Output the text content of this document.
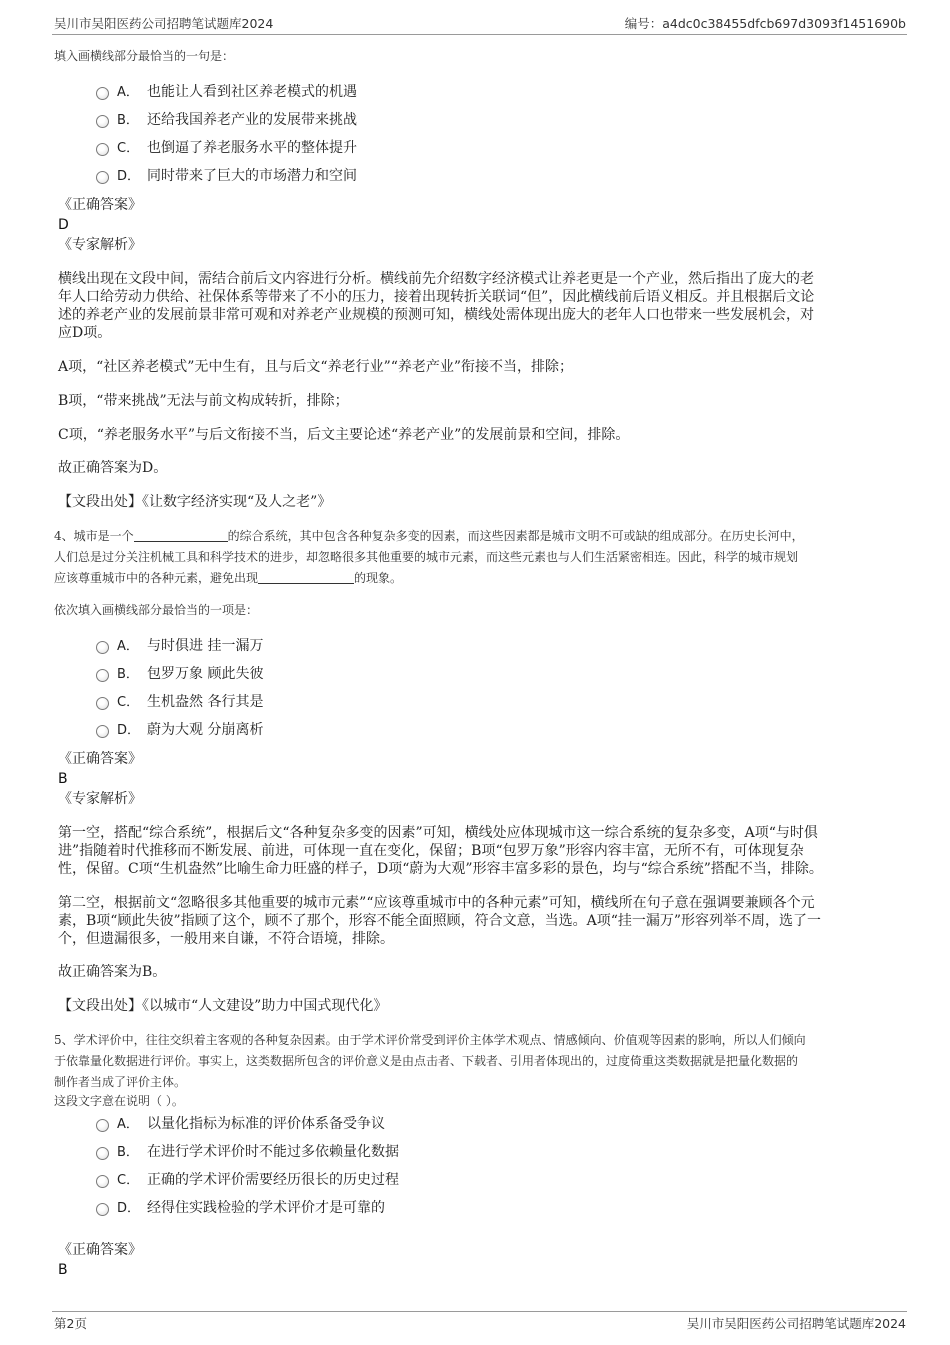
吴川市吴阳医药公司招聘笔试题库2024	编号：a4dc0c38455dfcb697d3093f1451690b
填入画横线部分最恰当的一句是：
A． 也能让人看到社区养老模式的机遇
B． 还给我国养老产业的发展带来挑战
C． 也倒逼了养老服务水平的整体提升
D． 同时带来了巨大的市场潜力和空间
《正确答案》
D
《专家解析》
横线出现在文段中间，需结合前后文内容进行分析。横线前先介绍数字经济模式让养老更是一个产业，然后指出了庞大的老
年人口给劳动力供给、社保体系等带来了不小的压力，接着出现转折关联词“但”，因此横线前后语义相反。并且根据后文论
述的养老产业的发展前景非常可观和对养老产业规模的预测可知，横线处需体现出庞大的老年人口也带来一些发展机会，对
应D项。
A项，“社区养老模式”无中生有，且与后文“养老行业”“养老产业”衔接不当，排除；
B项，“带来挑战”无法与前文构成转折，排除；
C项，“养老服务水平”与后文衔接不当，后文主要论述“养老产业”的发展前景和空间，排除。
故正确答案为D。
【文段出处】《让数字经济实现“及人之老”》
4、城市是一个	的综合系统，其中包含各种复杂多变的因素，而这些因素都是城市文明不可或缺的组成部分。在历史长河中，
人们总是过分关注机械工具和科学技术的进步，却忽略很多其他重要的城市元素，而这些元素也与人们生活紧密相连。因此，科学的城市规划
应该尊重城市中的各种元素，避免出现	的现象。
依次填入画横线部分最恰当的一项是：
A． 与时俱进 挂一漏万
B． 包罗万象 顾此失彼
C． 生机盎然 各行其是
D． 蔚为大观 分崩离析
《正确答案》
B
《专家解析》
第一空，搭配“综合系统”，根据后文“各种复杂多变的因素”可知，横线处应体现城市这一综合系统的复杂多变，A项“与时俱
进”指随着时代推移而不断发展、前进，可体现一直在变化，保留；B项“包罗万象”形容内容丰富，无所不有，可体现复杂
性，保留。C项“生机盎然”比喻生命力旺盛的样子，D项“蔚为大观”形容丰富多彩的景色，均与“综合系统”搭配不当，排除。
第二空，根据前文“忽略很多其他重要的城市元素”“应该尊重城市中的各种元素”可知，横线所在句子意在强调要兼顾各个元
素，B项“顾此失彼”指顾了这个，顾不了那个，形容不能全面照顾，符合文意，当选。A项“挂一漏万”形容列举不周，选了一
个，但遗漏很多，一般用来自谦，不符合语境，排除。
故正确答案为B。
【文段出处】《以城市“人文建设”助力中国式现代化》
5、学术评价中，往往交织着主客观的各种复杂因素。由于学术评价常受到评价主体学术观点、情感倾向、价值观等因素的影响，所以人们倾向
于依靠量化数据进行评价。事实上，这类数据所包含的评价意义是由点击者、下载者、引用者体现出的，过度倚重这类数据就是把量化数据的
制作者当成了评价主体。
这段文字意在说明（ ）。
A． 以量化指标为标准的评价体系备受争议
B． 在进行学术评价时不能过多依赖量化数据
C． 正确的学术评价需要经历很长的历史过程
D． 经得住实践检验的学术评价才是可靠的
《正确答案》
B
第2页	吴川市吴阳医药公司招聘笔试题库2024
